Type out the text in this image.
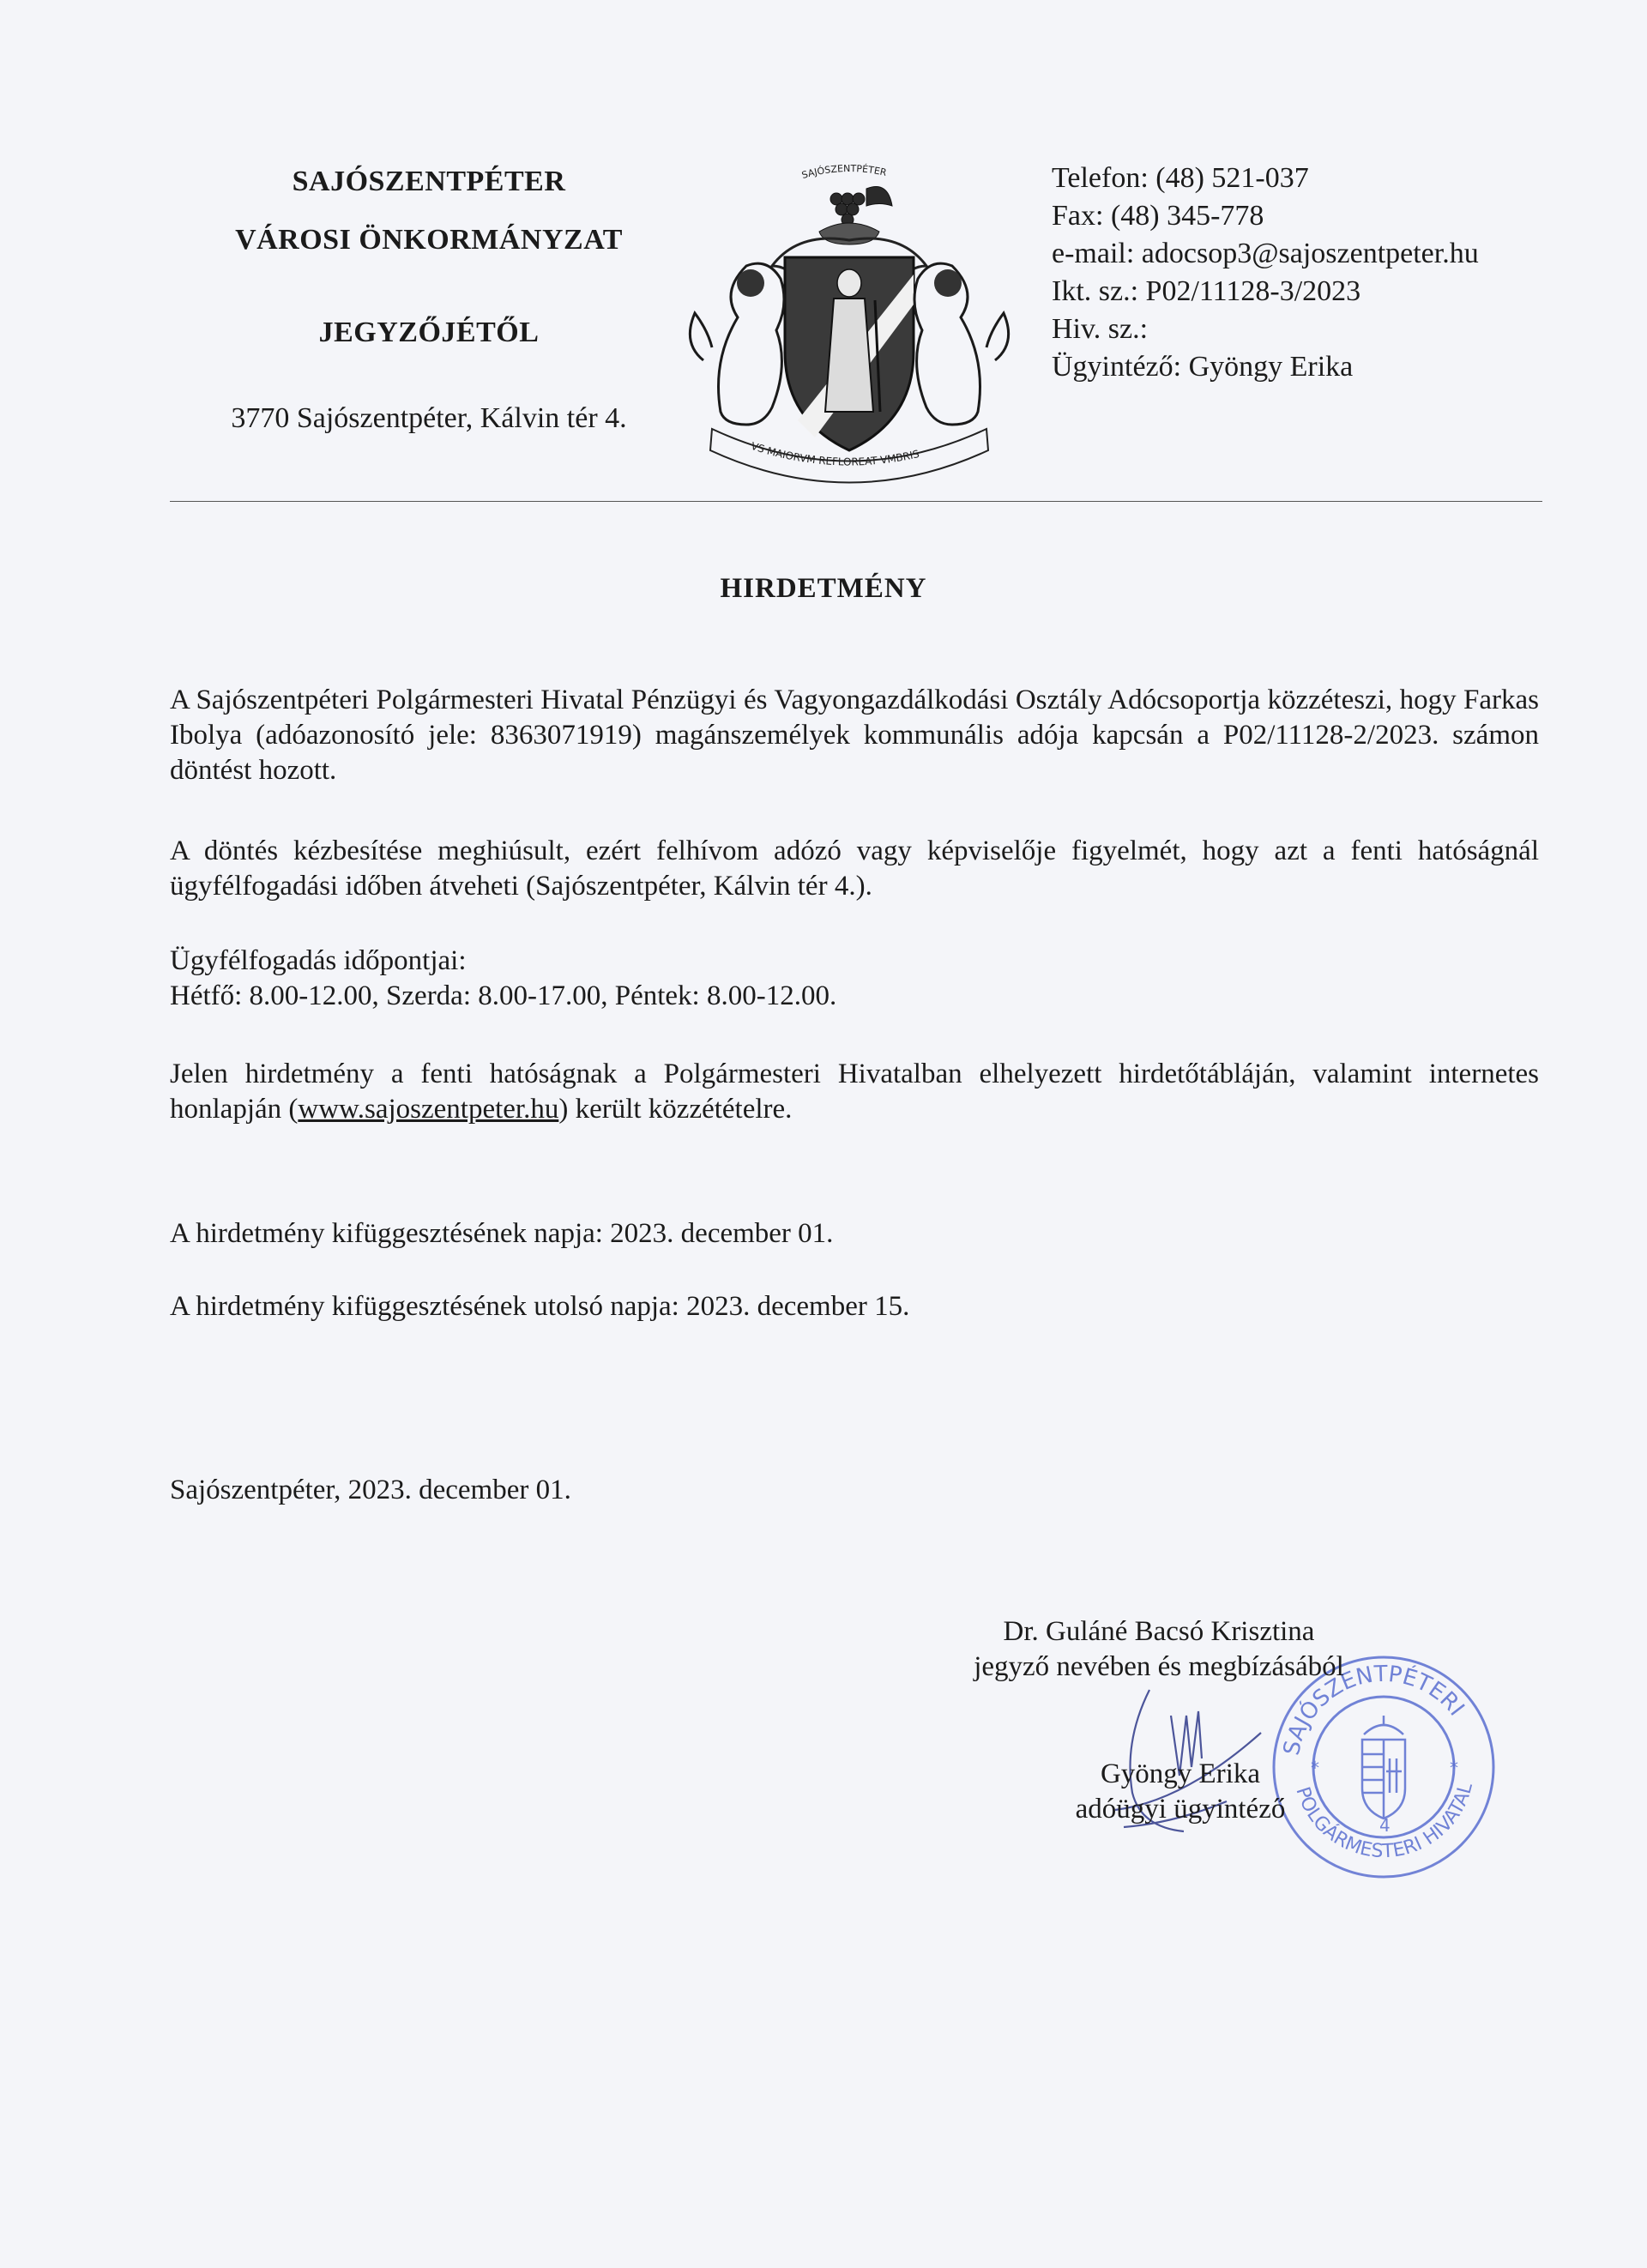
SAJÓSZENTPÉTER
VÁROSI ÖNKORMÁNYZAT
JEGYZŐJÉTŐL
3770 Sajószentpéter, Kálvin tér 4.
SAJÓSZENTPÉTER
VS MAIORVM REFLOREAT VMBRIS
Telefon: (48) 521-037
Fax: (48) 345-778
e-mail: adocsop3@sajoszentpeter.hu
Ikt. sz.: P02/11128-3/2023
Hiv. sz.:
Ügyintéző: Gyöngy Erika
HIRDETMÉNY
A Sajószentpéteri Polgármesteri Hivatal Pénzügyi és Vagyongazdálkodási Osztály Adócsoportja közzéteszi, hogy Farkas Ibolya (adóazonosító jele: 8363071919) magánszemélyek kommunális adója kapcsán a P02/11128-2/2023. számon döntést hozott.
A döntés kézbesítése meghiúsult, ezért felhívom adózó vagy képviselője figyelmét, hogy azt a fenti hatóságnál ügyfélfogadási időben átveheti (Sajószentpéter, Kálvin tér 4.).
Ügyfélfogadás időpontjai:
Hétfő: 8.00-12.00, Szerda: 8.00-17.00, Péntek: 8.00-12.00.
Jelen hirdetmény a fenti hatóságnak a Polgármesteri Hivatalban elhelyezett hirdetőtábláján, valamint internetes honlapján (www.sajoszentpeter.hu) került közzétételre.
A hirdetmény kifüggesztésének napja: 2023. december 01.
A hirdetmény kifüggesztésének utolsó napja: 2023. december 15.
Sajószentpéter, 2023. december 01.
SAJÓSZENTPÉTERI
POLGÁRMESTERI HIVATAL
4
*	*
Dr. Guláné Bacsó Krisztina
jegyző nevében és megbízásából
Gyöngy Erika
adóügyi ügyintéző
